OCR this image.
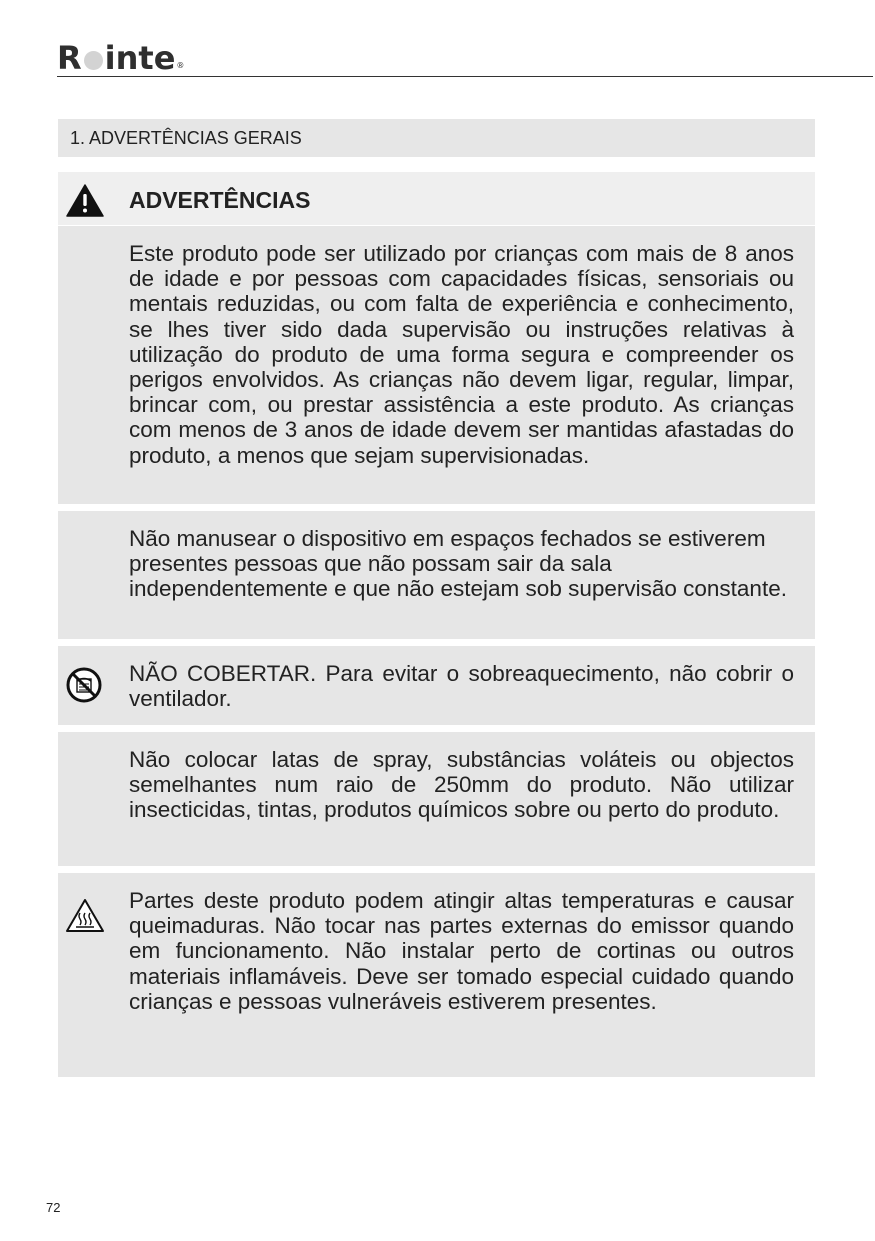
R inte ®
1. ADVERTÊNCIAS GERAIS
ADVERTÊNCIAS
Este produto pode ser utilizado por crianças com mais de 8 anos de idade e por pessoas com capacidades físicas, sensoriais ou mentais reduzidas, ou com falta de experiência e conhecimento, se lhes tiver sido dada supervisão ou instruções relativas à utilização do produto de uma forma segura e compreender os perigos envolvidos. As crianças não devem ligar, regular, limpar, brincar com, ou prestar assistência a este produto. As crianças com menos de 3 anos de idade devem ser mantidas afastadas do produto, a menos que sejam supervisionadas.
Não manusear o dispositivo em espaços fechados se estiverem presentes pessoas que não possam sair da sala independentemente e que não estejam sob supervisão constante.
NÃO COBERTAR. Para evitar o sobreaquecimento, não cobrir o ventilador.
Não colocar latas de spray, substâncias voláteis ou objectos semelhantes num raio de 250mm do produto. Não utilizar insecticidas, tintas, produtos químicos sobre ou perto do produto.
Partes deste produto podem atingir altas temperaturas e causar queimaduras. Não tocar nas partes externas do emissor quando em funcionamento. Não instalar perto de cortinas ou outros materiais inflamáveis. Deve ser tomado especial cuidado quando crianças e pessoas vulneráveis estiverem presentes.
72
